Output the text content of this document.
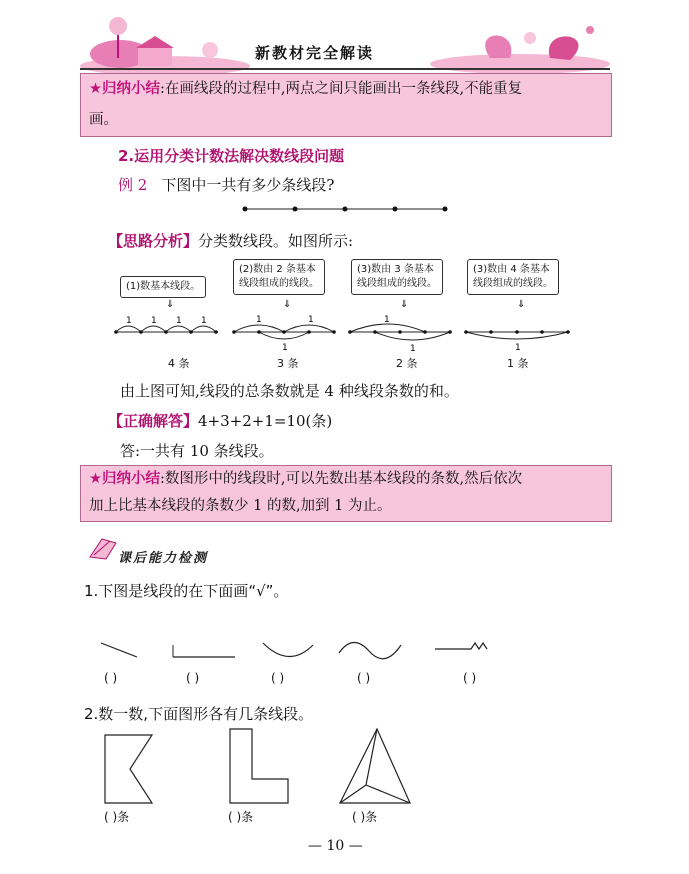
新教材完全解读

★归纳小结:在画线段的过程中,两点之间只能画出一条线段,不能重复

画。

2.运用分类计数法解决数线段问题
例 2 下图中一共有多少条线段?
【思路分析】分类数线段。如图所示:
(1)数基本线段。
(2)数由 2 条基本
线段组成的线段。
(3)数由 3 条基本
线段组成的线段。
(3)数由 4 条基本
线段组成的线段。
⇓	⇓	⇓	⇓
1 1 1 1	1	1
1
1
1	1
4 条	3 条	2 条	1 条
由上图可知,线段的总条数就是 4 种线段条数的和。
【正确解答】4+3+2+1=10(条)
答:一共有 10 条线段。

★归纳小结:数图形中的线段时,可以先数出基本线段的条数,然后依次

加上比基本线段的条数少 1 的数,加到 1 为止。

课后能力检测
1.下图是线段的在下面画“√”。
( )	( )	( )	( )	( )
2.数一数,下面图形各有几条线段。
( )条	( )条	( )条
— 10 —
